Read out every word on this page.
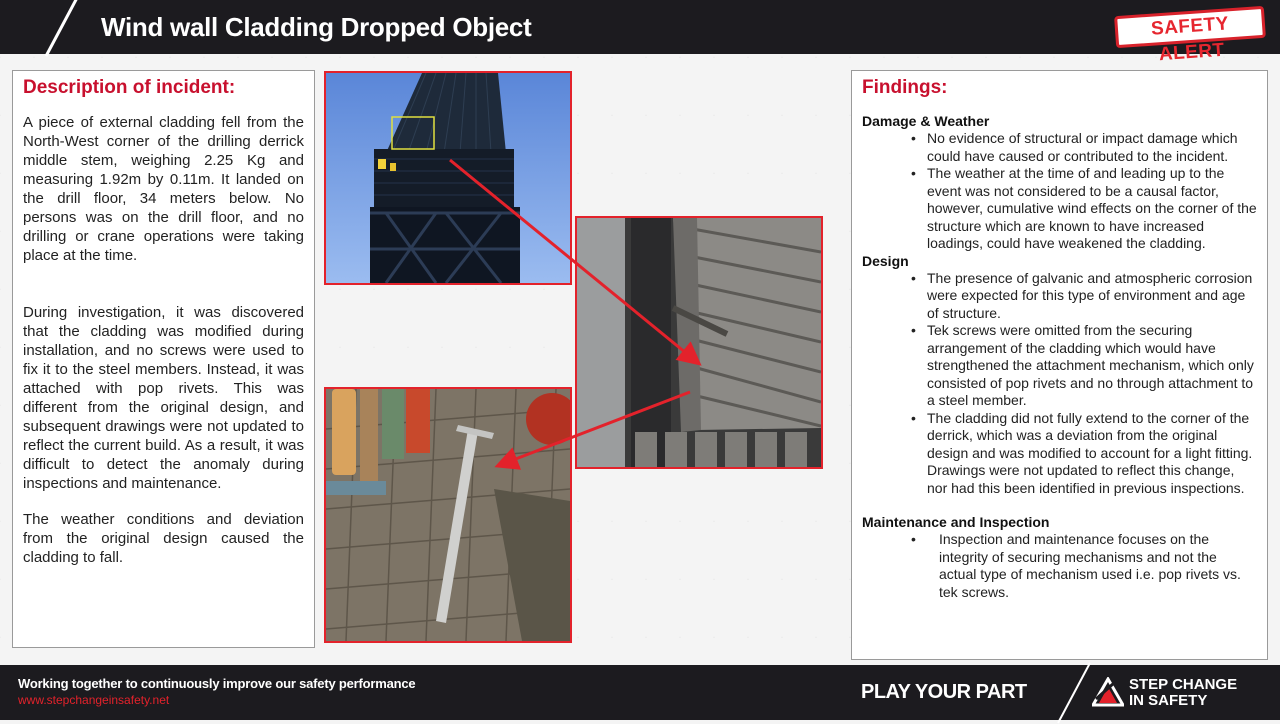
Wind wall Cladding Dropped Object	SAFETY ALERT
Description of incident:

A piece of external cladding fell from the North-West corner of the drilling derrick middle stem, weighing 2.25 Kg and measuring 1.92m by 0.11m. It landed on the drill floor, 34 meters below. No persons was on the drill floor, and no drilling or crane operations were taking place at the time.

During investigation, it was discovered that the cladding was modified during installation, and no screws were used to fix it to the steel members. Instead, it was attached with pop rivets. This was different from the original design, and subsequent drawings were not updated to reflect the current build. As a result, it was difficult to detect the anomaly during inspections and maintenance.

The weather conditions and deviation from the original design caused the cladding to fall.

Findings:
Damage & Weather
• No evidence of structural or impact damage which could have caused or contributed to the incident.
• The weather at the time of and leading up to the event was not considered to be a causal factor, however, cumulative wind effects on the corner of the structure which are known to have increased loadings, could have weakened the cladding.
Design
• The presence of galvanic and atmospheric corrosion were expected for this type of environment and age of structure.
• Tek screws were omitted from the securing arrangement of the cladding which would have strengthened the attachment mechanism, which only consisted of pop rivets and no through attachment to a steel member.
• The cladding did not fully extend to the corner of the derrick, which was a deviation from the original design and was modified to account for a light fitting. Drawings were not updated to reflect this change, nor had this been identified in previous inspections.
Maintenance and Inspection
• Inspection and maintenance focuses on the integrity of securing mechanisms and not the actual type of mechanism used i.e. pop rivets vs. tek screws.
Working together to continuously improve our safety performance
www.stepchangeinsafety.net	PLAY YOUR PART	STEP CHANGE
IN SAFETY
